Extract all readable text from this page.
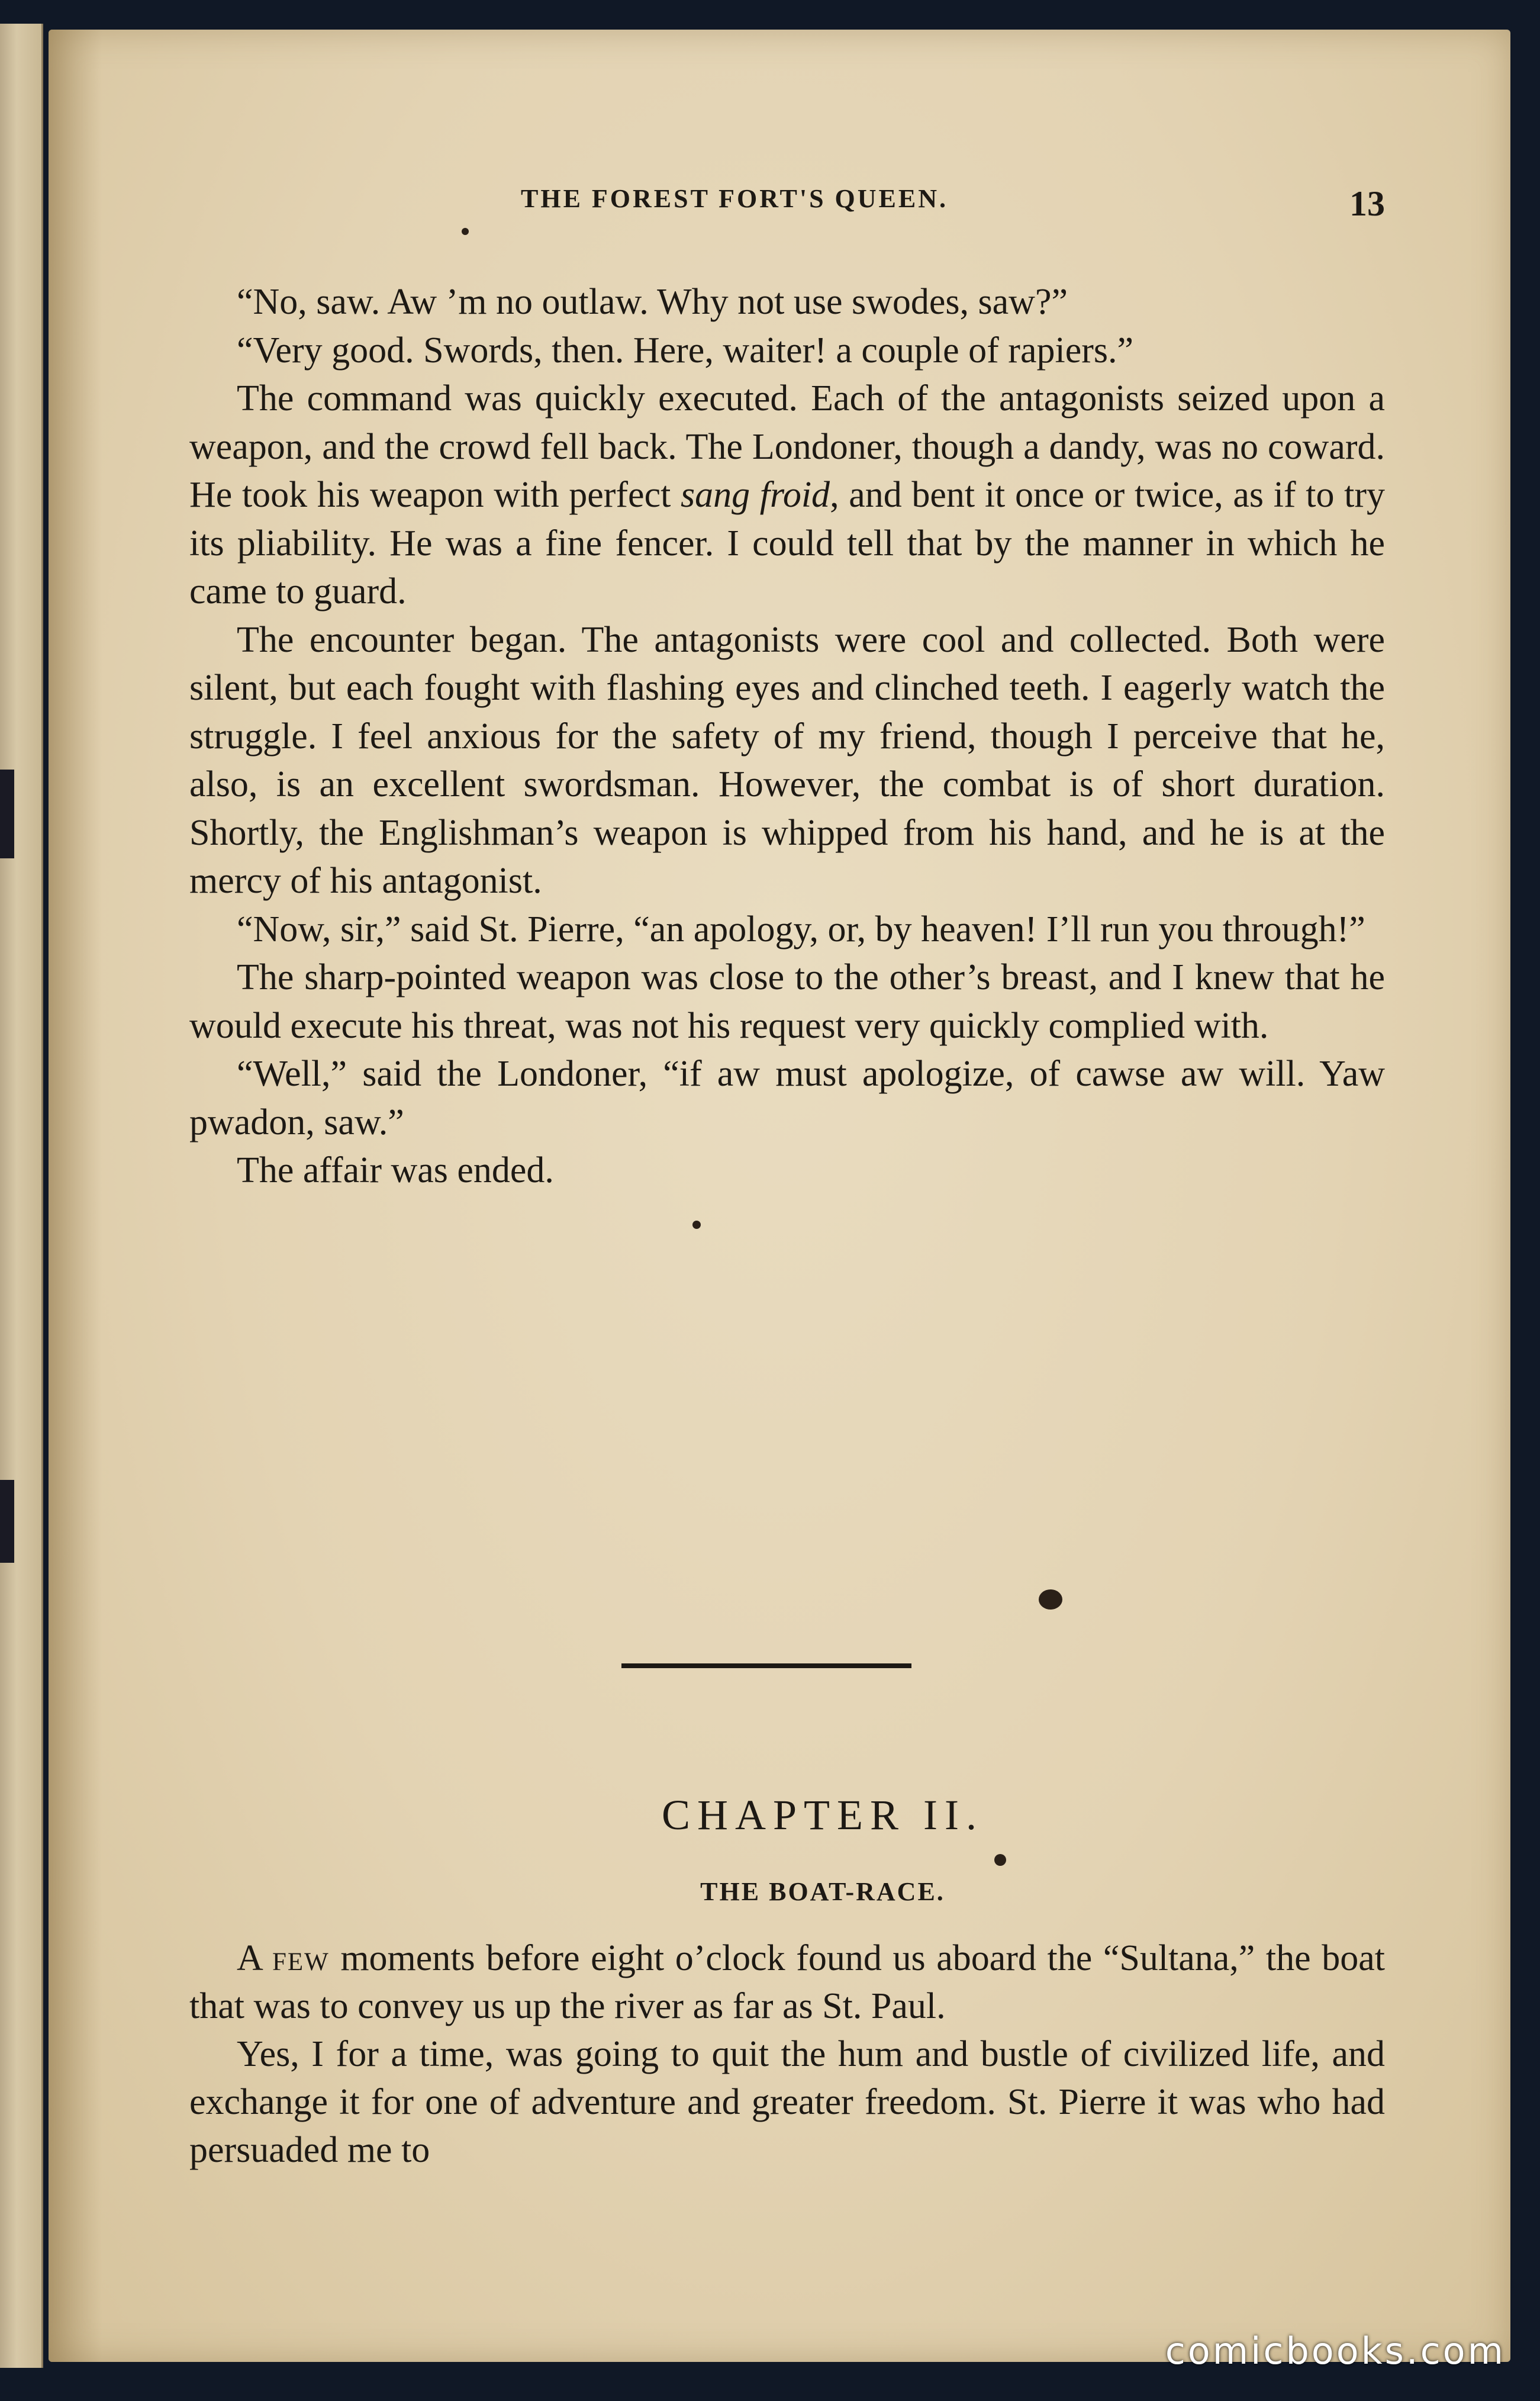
THE FOREST FORT'S QUEEN.	13

“No, saw. Aw ’m no outlaw. Why not use swodes, saw?”

“Very good. Swords, then. Here, waiter! a couple of rapiers.”

The command was quickly executed. Each of the antagonists seized upon a weapon, and the crowd fell back. The Londoner, though a dandy, was no coward. He took his weapon with perfect sang froid, and bent it once or twice, as if to try its pliability. He was a fine fencer. I could tell that by the manner in which he came to guard.

The encounter began. The antagonists were cool and collected. Both were silent, but each fought with flashing eyes and clinched teeth. I eagerly watch the struggle. I feel anxious for the safety of my friend, though I perceive that he, also, is an excellent swordsman. However, the combat is of short duration. Shortly, the Englishman’s weapon is whipped from his hand, and he is at the mercy of his antagonist.

“Now, sir,” said St. Pierre, “an apology, or, by heaven! I’ll run you through!”

The sharp-pointed weapon was close to the other’s breast, and I knew that he would execute his threat, was not his request very quickly complied with.

“Well,” said the Londoner, “if aw must apologize, of cawse aw will. Yaw pwadon, saw.”

The affair was ended.

CHAPTER II.
THE BOAT-RACE.

A few moments before eight o’clock found us aboard the “Sultana,” the boat that was to convey us up the river as far as St. Paul.

Yes, I for a time, was going to quit the hum and bustle of civilized life, and exchange it for one of adventure and greater freedom. St. Pierre it was who had persuaded me to

comicbooks.com
